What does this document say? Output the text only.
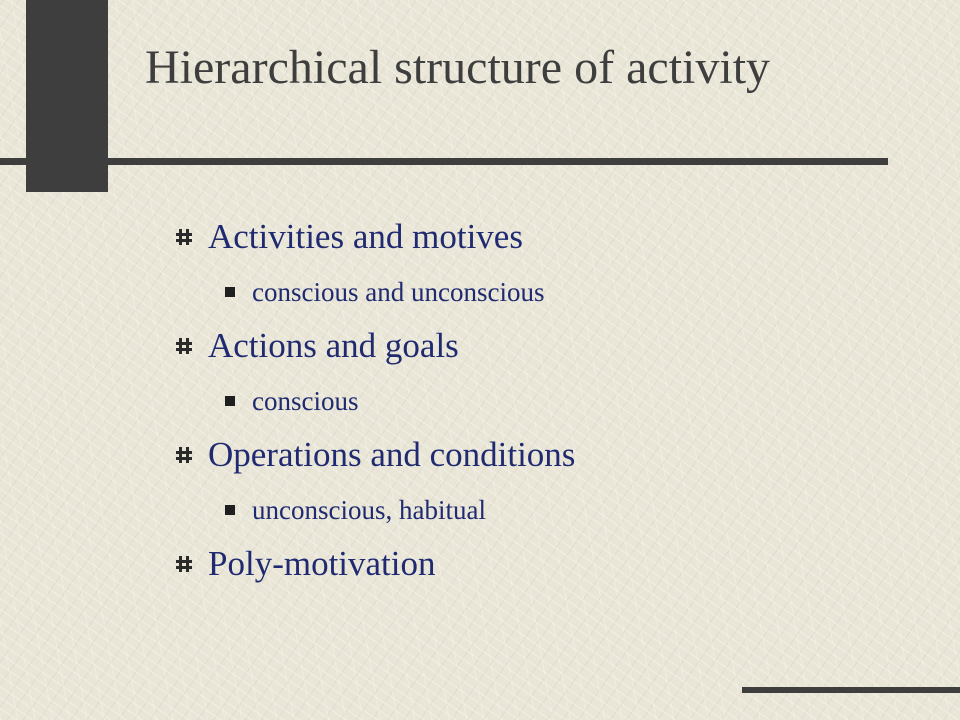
Hierarchical structure of activity
Activities and motives
conscious and unconscious
Actions and goals
conscious
Operations and conditions
unconscious, habitual
Poly-motivation
